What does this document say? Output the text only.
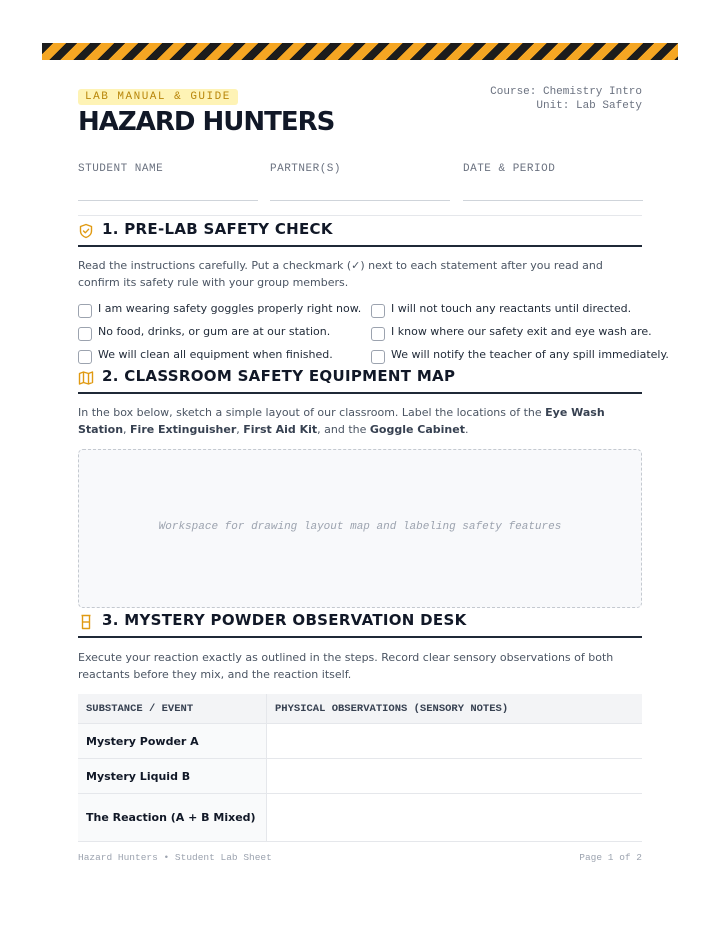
LAB MANUAL & GUIDE	Course: Chemistry Intro
Unit: Lab Safety
HAZARD HUNTERS
STUDENT NAME	PARTNER(S)	DATE & PERIOD
1. PRE-LAB SAFETY CHECK
Read the instructions carefully. Put a checkmark (✓) next to each statement after you read and confirm its safety rule with your group members.
I am wearing safety goggles properly right now.
No food, drinks, or gum are at our station.
We will clean all equipment when finished.
I will not touch any reactants until directed.
I know where our safety exit and eye wash are.
We will notify the teacher of any spill immediately.
2. CLASSROOM SAFETY EQUIPMENT MAP
In the box below, sketch a simple layout of our classroom. Label the locations of the Eye Wash Station, Fire Extinguisher, First Aid Kit, and the Goggle Cabinet.
Workspace for drawing layout map and labeling safety features
3. MYSTERY POWDER OBSERVATION DESK
Execute your reaction exactly as outlined in the steps. Record clear sensory observations of both reactants before they mix, and the reaction itself.
SUBSTANCE / EVENT	PHYSICAL OBSERVATIONS (SENSORY NOTES)
Mystery Powder A	
Mystery Liquid B	
The Reaction (A + B Mixed)	
Hazard Hunters • Student Lab Sheet	Page 1 of 2
